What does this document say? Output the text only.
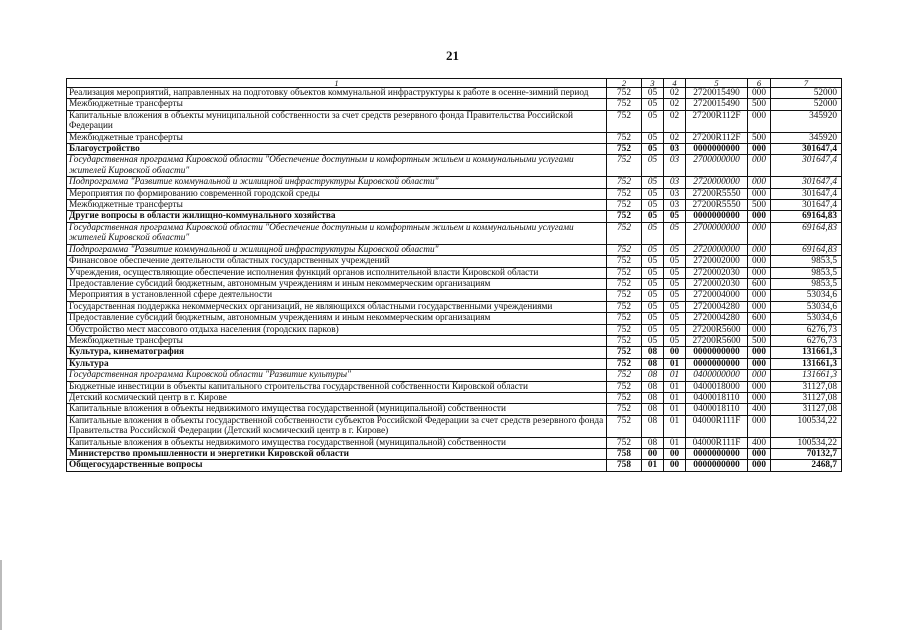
21
1	2	3	4	5	6	7
Реализация мероприятий, направленных на подготовку объектов коммунальной инфраструктуры к работе в осенне-зимний период	752	05	02	2720015490	000	52000
Межбюджетные трансферты	752	05	02	2720015490	500	52000
Капитальные вложения в объекты муниципальной собственности за счет средств резервного фонда Правительства Российской Федерации	752	05	02	27200R112F	000	345920
Межбюджетные трансферты	752	05	02	27200R112F	500	345920
Благоустройство	752	05	03	0000000000	000	301647,4
Государственная программа Кировской области "Обеспечение доступным и комфортным жильем и коммунальными услугами жителей Кировской области"	752	05	03	2700000000	000	301647,4
Подпрограмма "Развитие коммунальной и жилищной инфраструктуры Кировской области"	752	05	03	2720000000	000	301647,4
Мероприятия по формированию современной городской среды	752	05	03	27200R5550	000	301647,4
Межбюджетные трансферты	752	05	03	27200R5550	500	301647,4
Другие вопросы в области жилищно-коммунального хозяйства	752	05	05	0000000000	000	69164,83
Государственная программа Кировской области "Обеспечение доступным и комфортным жильем и коммунальными услугами жителей Кировской области"	752	05	05	2700000000	000	69164,83
Подпрограмма "Развитие коммунальной и жилищной инфраструктуры Кировской области"	752	05	05	2720000000	000	69164,83
Финансовое обеспечение деятельности областных государственных учреждений	752	05	05	2720002000	000	9853,5
Учреждения, осуществляющие обеспечение исполнения функций органов исполнительной власти Кировской области	752	05	05	2720002030	000	9853,5
Предоставление субсидий бюджетным, автономным учреждениям и иным некоммерческим организациям	752	05	05	2720002030	600	9853,5
Мероприятия в установленной сфере деятельности	752	05	05	2720004000	000	53034,6
Государственная поддержка некоммерческих организаций, не являющихся областными государственными учреждениями	752	05	05	2720004280	000	53034,6
Предоставление субсидий бюджетным, автономным учреждениям и иным некоммерческим организациям	752	05	05	2720004280	600	53034,6
Обустройство мест массового отдыха населения (городских парков)	752	05	05	27200R5600	000	6276,73
Межбюджетные трансферты	752	05	05	27200R5600	500	6276,73
Культура, кинематография	752	08	00	0000000000	000	131661,3
Культура	752	08	01	0000000000	000	131661,3
Государственная программа Кировской области "Развитие культуры"	752	08	01	0400000000	000	131661,3
Бюджетные инвестиции в объекты капитального строительства государственной собственности Кировской области	752	08	01	0400018000	000	31127,08
Детский космический центр в г. Кирове	752	08	01	0400018110	000	31127,08
Капитальные вложения в объекты недвижимого имущества государственной (муниципальной) собственности	752	08	01	0400018110	400	31127,08
Капитальные вложения в объекты государственной собственности субъектов Российской Федерации за счет средств резервного фонда Правительства Российской Федерации (Детский космический центр в г. Кирове)	752	08	01	04000R111F	000	100534,22
Капитальные вложения в объекты недвижимого имущества государственной (муниципальной) собственности	752	08	01	04000R111F	400	100534,22
Министерство промышленности и энергетики Кировской области	758	00	00	0000000000	000	70132,7
Общегосударственные вопросы	758	01	00	0000000000	000	2468,7
